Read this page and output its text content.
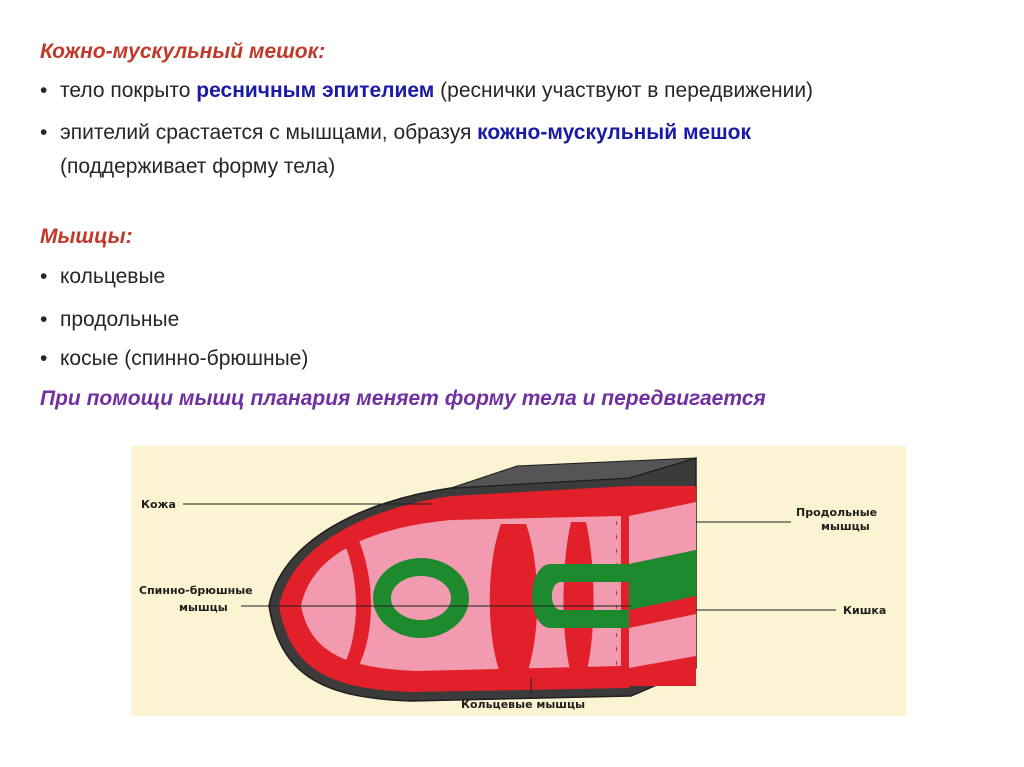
Кожно-мускульный мешок:
• тело покрыто ресничным эпителием (реснички участвуют в передвижении)
• эпителий срастается с мышцами, образуя кожно-мускульный мешок
(поддерживает форму тела)
Мышцы:
• кольцевые
• продольные
• косые (спинно-брюшные)

При помощи мышц планария меняет форму тела и передвигается

Кожа
Продольные
мышцы
Спинно-брюшные
мышцы	Кишка
Кольцевые мышцы
